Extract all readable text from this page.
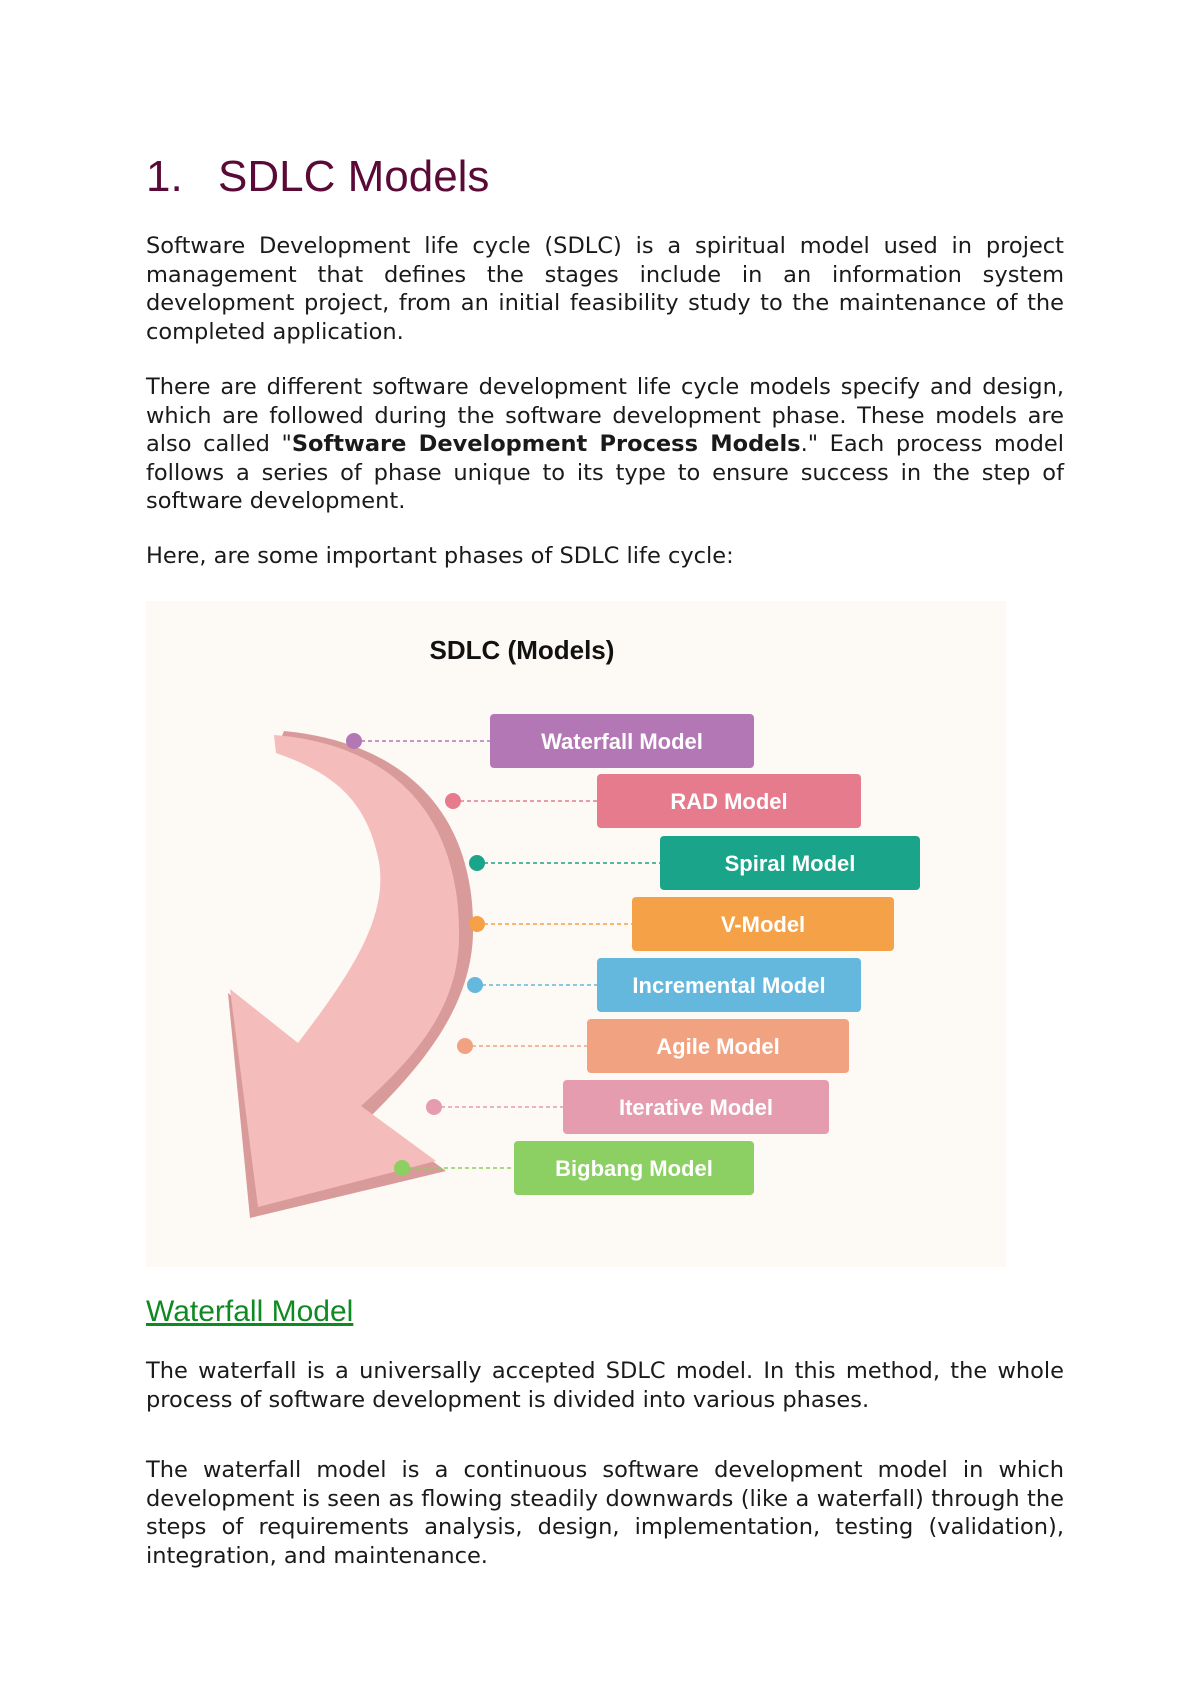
1. SDLC Models

Software Development life cycle (SDLC) is a spiritual model used in project management that defines the stages include in an information system development project, from an initial feasibility study to the maintenance of the completed application.

There are different software development life cycle models specify and design, which are followed during the software development phase. These models are also called "Software Development Process Models." Each process model follows a series of phase unique to its type to ensure success in the step of software development.

Here, are some important phases of SDLC life cycle:

Waterfall Model

The waterfall is a universally accepted SDLC model. In this method, the whole process of software development is divided into various phases.

The waterfall model is a continuous software development model in which development is seen as flowing steadily downwards (like a waterfall) through the steps of requirements analysis, design, implementation, testing (validation), integration, and maintenance.

SDLC (Models)
Waterfall Model
RAD Model
Spiral Model
V-Model
Incremental Model
Agile Model
Iterative Model
Bigbang Model
